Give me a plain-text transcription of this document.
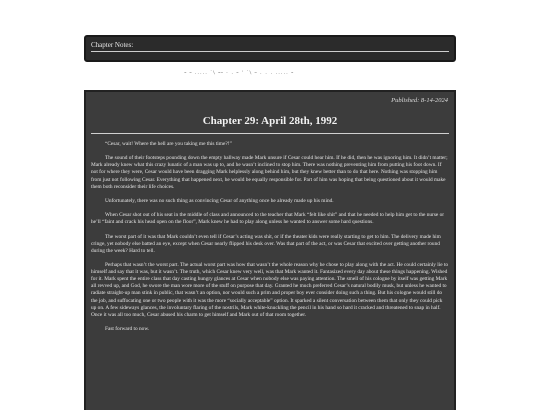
Chapter Notes:
~ ~ ..... `\ ~~ - . ~ ' `\ ~ . . . ..... ~
Published: 8-14-2024
Chapter 29: April 28th, 1992

“Cesar, wait! Where the hell are you taking me this time?!”

The sound of their footsteps pounding down the empty hallway made Mark unsure if Cesar could hear him. If he did, then he was ignoring him. It didn’t matter; Mark already knew what this crazy lunatic of a man was up to, and he wasn’t inclined to stop him. There was nothing preventing him from putting his foot down. If not for where they were, Cesar would have been dragging Mark helplessly along behind him, but they knew better than to do that here. Nothing was stopping him from just not following Cesar. Everything that happened next, he would be equally responsible for. Part of him was hoping that being questioned about it would make them both reconsider their life choices.

Unfortunately, there was no such thing as convincing Cesar of anything once he already made up his mind.

When Cesar shot out of his seat in the middle of class and announced to the teacher that Mark “felt like shit” and that he needed to help him get to the nurse or he’ll “faint and crack his head open on the floor”, Mark knew he had to play along unless he wanted to answer some hard questions.

The worst part of it was that Mark couldn’t even tell if Cesar’s acting was shit, or if the theater kids were really starting to get to him. The delivery made him cringe, yet nobody else batted an eye, except when Cesar nearly flipped his desk over. Was that part of the act, or was Cesar that excited over getting another round during the week? Hard to tell.

Perhaps that wasn’t the worst part. The actual worst part was how that wasn’t the whole reason why he chose to play along with the act. He could certainly lie to himself and say that it was, but it wasn’t. The truth, which Cesar knew very well, was that Mark wanted it. Fantasized every day about these things happening. Wished for it. Mark spent the entire class that day casting hungry glances at Cesar when nobody else was paying attention. The smell of his cologne by itself was getting Mark all revved up, and God, he swore the man wore more of the stuff on purpose that day. Granted he much preferred Cesar’s natural bodily musk, but unless he wanted to radiate straight-up man stink in public, that wasn’t an option, nor would such a prim and proper boy ever consider doing such a thing. But his cologne would still do the job, and suffocating one or two people with it was the more “socially acceptable” option. It sparked a silent conversation between them that only they could pick up on. A few sideways glances, the involuntary flaring of the nostrils, Mark white-knuckling the pencil in his hand so hard it cracked and threatened to snap in half. Once it was all too much, Cesar abused his charm to get himself and Mark out of that room together.

Fast forward to now.
